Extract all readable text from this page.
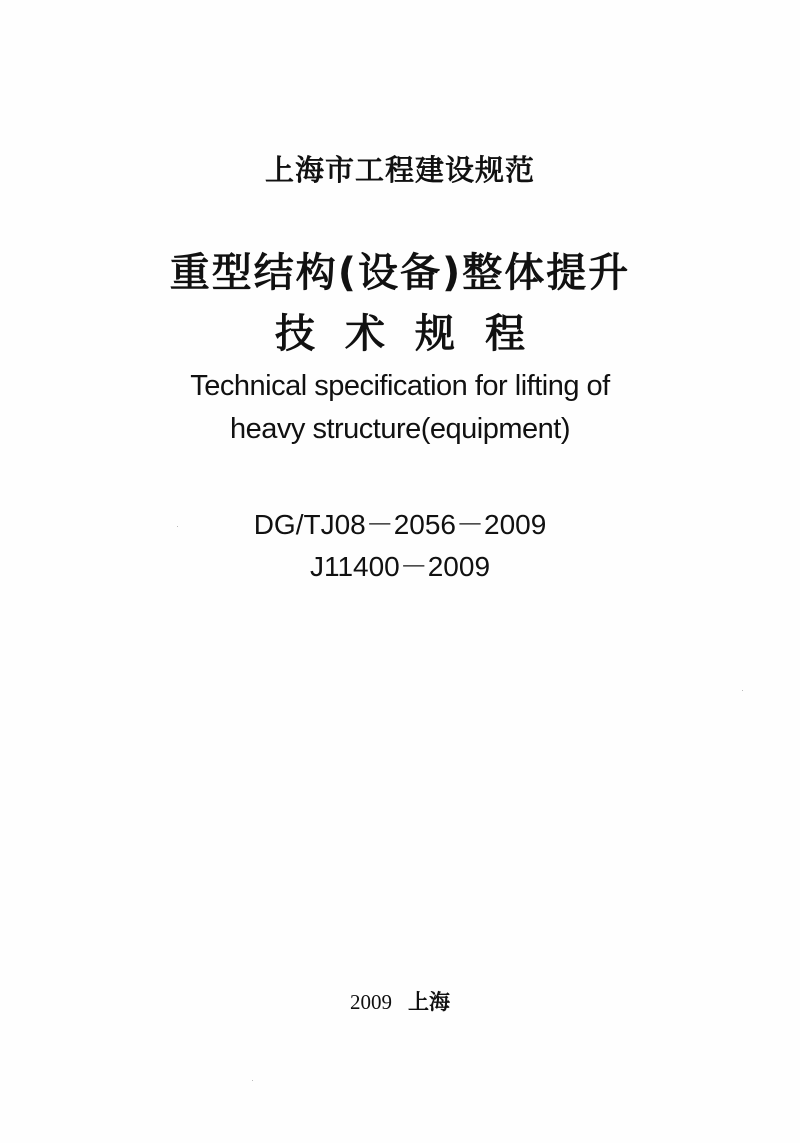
上海市工程建设规范
重型结构(设备)整体提升
技术规程
Technical specification for lifting of
heavy structure(equipment)
DG/TJ08－2056－2009
J11400－2009
2009 上海
